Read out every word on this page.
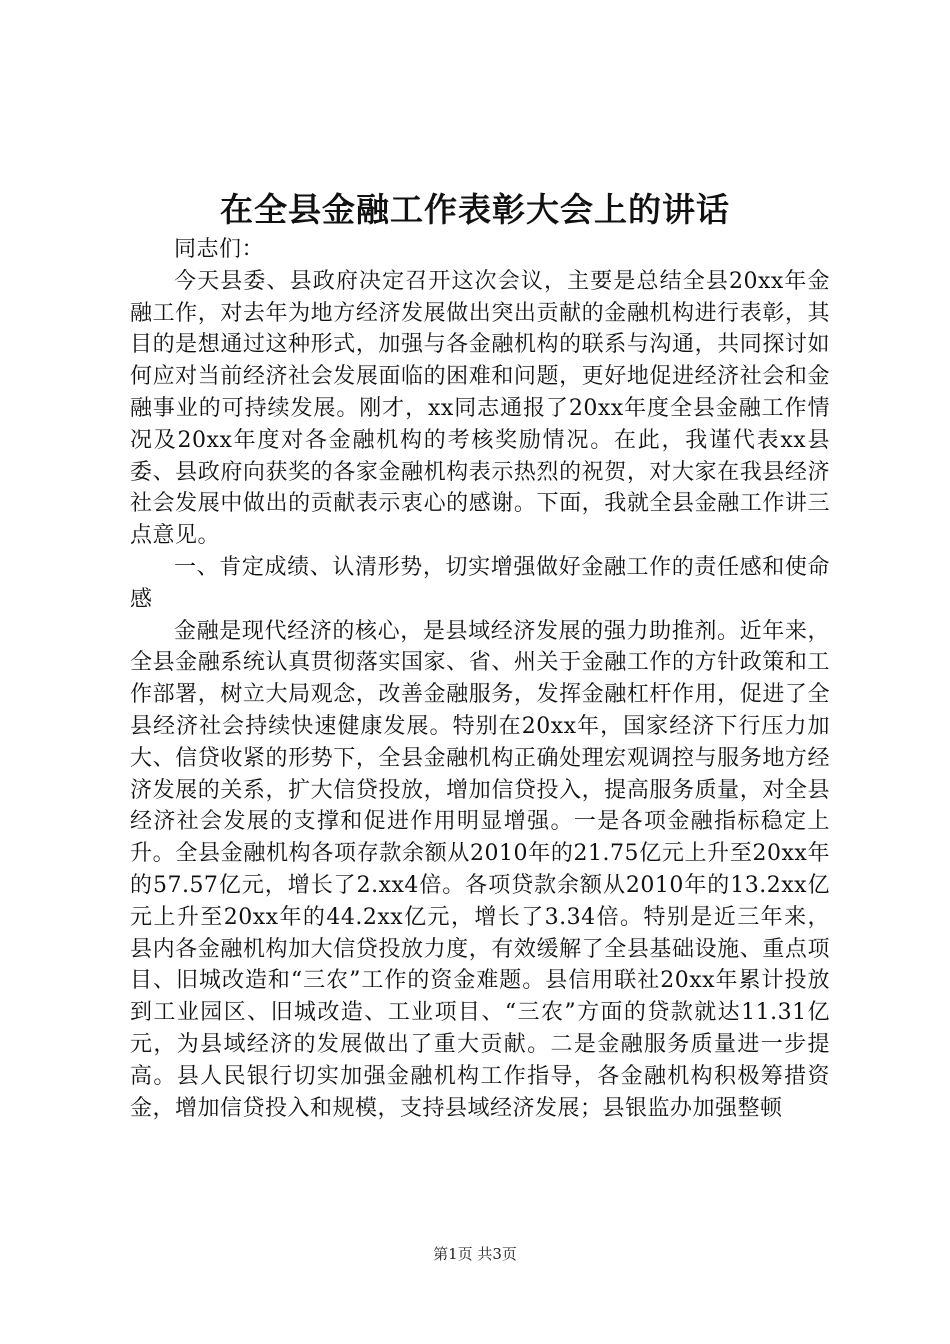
在全县金融工作表彰大会上的讲话

同志们：

今天县委、县政府决定召开这次会议，主要是总结全县20xx年金融工作，对去年为地方经济发展做出突出贡献的金融机构进行表彰，其目的是想通过这种形式，加强与各金融机构的联系与沟通，共同探讨如何应对当前经济社会发展面临的困难和问题，更好地促进经济社会和金融事业的可持续发展。刚才，xx同志通报了20xx年度全县金融工作情况及20xx年度对各金融机构的考核奖励情况。在此，我谨代表xx县委、县政府向获奖的各家金融机构表示热烈的祝贺，对大家在我县经济社会发展中做出的贡献表示衷心的感谢。下面，我就全县金融工作讲三点意见。

一、肯定成绩、认清形势，切实增强做好金融工作的责任感和使命感

金融是现代经济的核心，是县域经济发展的强力助推剂。近年来，全县金融系统认真贯彻落实国家、省、州关于金融工作的方针政策和工作部署，树立大局观念，改善金融服务，发挥金融杠杆作用，促进了全县经济社会持续快速健康发展。特别在20xx年，国家经济下行压力加大、信贷收紧的形势下，全县金融机构正确处理宏观调控与服务地方经济发展的关系，扩大信贷投放，增加信贷投入，提高服务质量，对全县经济社会发展的支撑和促进作用明显增强。一是各项金融指标稳定上升。全县金融机构各项存款余额从2010年的21.75亿元上升至20xx年的57.57亿元，增长了2.xx4倍。各项贷款余额从2010年的13.2xx亿元上升至20xx年的44.2xx亿元，增长了3.34倍。特别是近三年来，县内各金融机构加大信贷投放力度，有效缓解了全县基础设施、重点项目、旧城改造和“三农”工作的资金难题。县信用联社20xx年累计投放到工业园区、旧城改造、工业项目、“三农”方面的贷款就达11.31亿元，为县域经济的发展做出了重大贡献。二是金融服务质量进一步提高。县人民银行切实加强金融机构工作指导，各金融机构积极筹措资金，增加信贷投入和规模，支持县域经济发展；县银监办加强整顿

第1页 共3页
